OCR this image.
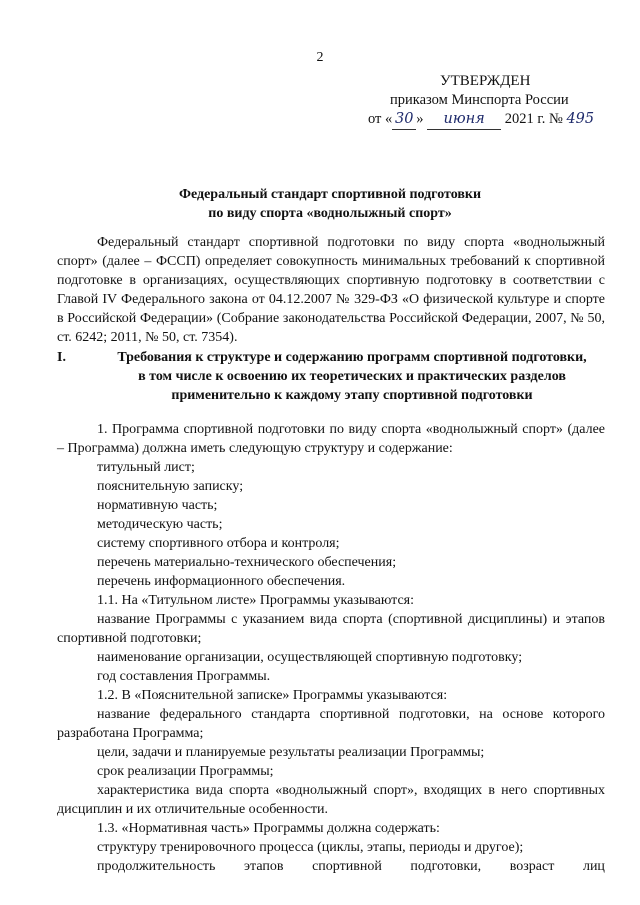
2
УТВЕРЖДЕН
приказом Минспорта России
от « 30 » июня 2021 г. № 495
Федеральный стандарт спортивной подготовки
по виду спорта «воднолыжный спорт»
Федеральный стандарт спортивной подготовки по виду спорта «воднолыжный спорт» (далее – ФССП) определяет совокупность минимальных требований к спортивной подготовке в организациях, осуществляющих спортивную подготовку в соответствии с Главой IV Федерального закона от 04.12.2007 № 329-ФЗ «О физической культуре и спорте в Российской Федерации» (Собрание законодательства Российской Федерации, 2007, № 50, ст. 6242; 2011, № 50, ст. 7354).
I.	Требования к структуре и содержанию программ спортивной подготовки,
в том числе к освоению их теоретических и практических разделов
применительно к каждому этапу спортивной подготовки

1. Программа спортивной подготовки по виду спорта «воднолыжный спорт» (далее – Программа) должна иметь следующую структуру и содержание:

титульный лист;

пояснительную записку;

нормативную часть;

методическую часть;

систему спортивного отбора и контроля;

перечень материально-технического обеспечения;

перечень информационного обеспечения.

1.1. На «Титульном листе» Программы указываются:

название Программы с указанием вида спорта (спортивной дисциплины) и этапов спортивной подготовки;

наименование организации, осуществляющей спортивную подготовку;

год составления Программы.

1.2. В «Пояснительной записке» Программы указываются:

название федерального стандарта спортивной подготовки, на основе которого разработана Программа;

цели, задачи и планируемые результаты реализации Программы;

срок реализации Программы;

характеристика вида спорта «воднолыжный спорт», входящих в него спортивных дисциплин и их отличительные особенности.

1.3. «Нормативная часть» Программы должна содержать:

структуру тренировочного процесса (циклы, этапы, периоды и другое);

продолжительность этапов спортивной подготовки, возраст лиц
